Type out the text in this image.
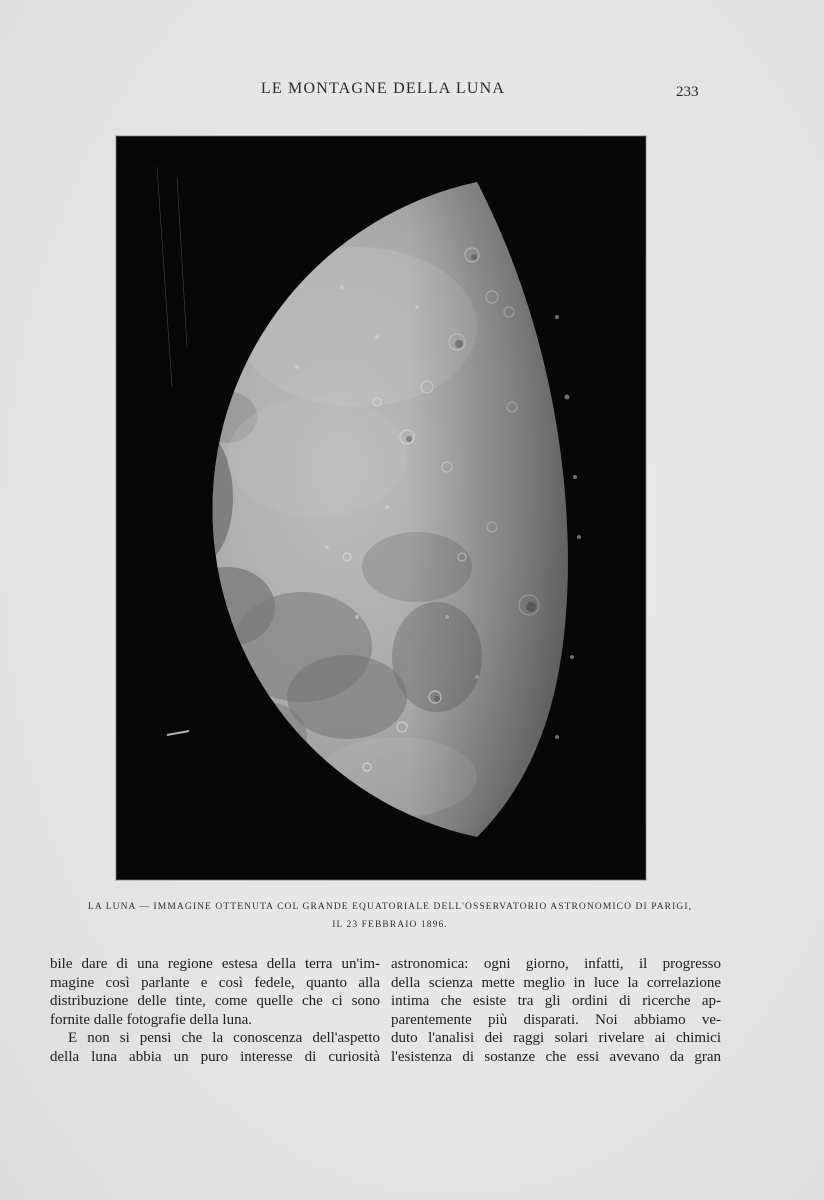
LE MONTAGNE DELLA LUNA	233
LA LUNA — IMMAGINE OTTENUTA COL GRANDE EQUATORIALE DELL'OSSERVATORIO ASTRONOMICO DI PARIGI,
IL 23 FEBBRAIO 1896.
bile dare di una regione estesa della terra un'im-
magine così parlante e così fedele, quanto alla
distribuzione delle tinte, come quelle che ci sono
fornite dalle fotografie della luna.
E non si pensi che la conoscenza dell'aspetto
della luna abbia un puro interesse di curiosità
astronomica: ogni giorno, infatti, il progresso
della scienza mette meglio in luce la correlazione
intima che esiste tra gli ordini di ricerche ap-
parentemente più disparati. Noi abbiamo ve-
duto l'analisi dei raggi solari rivelare ai chimici
l'esistenza di sostanze che essi avevano da gran
